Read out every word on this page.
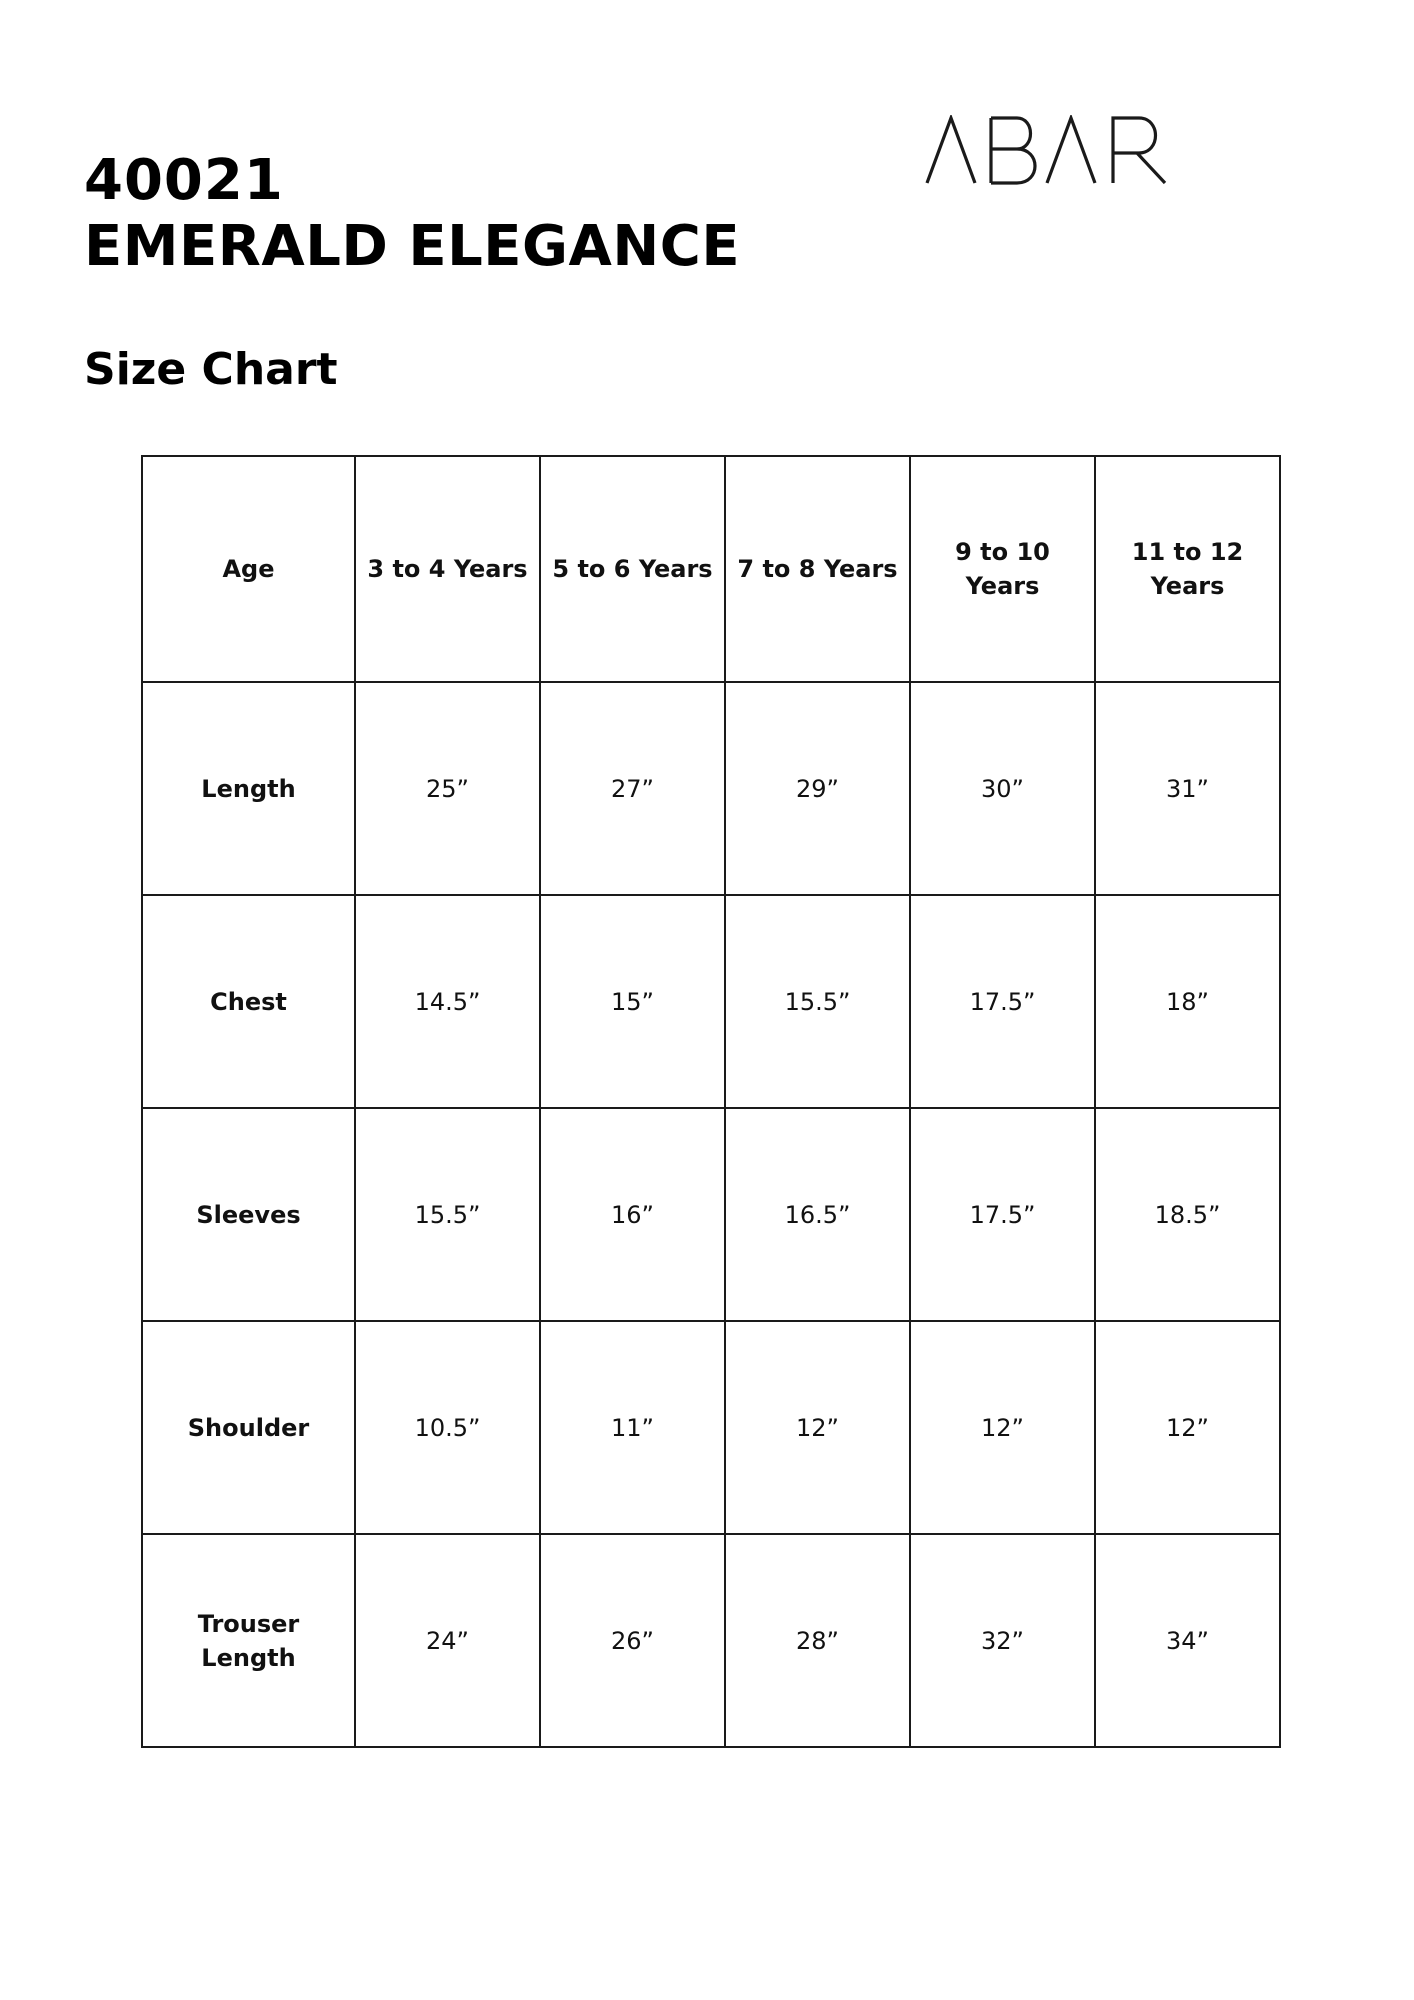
40021
EMERALD ELEGANCE
Size Chart
Age	3 to 4 Years	5 to 6 Years	7 to 8 Years	9 to 10 Years	11 to 12 Years
Length	25”	27”	29”	30”	31”
Chest	14.5”	15”	15.5”	17.5”	18”
Sleeves	15.5”	16”	16.5”	17.5”	18.5”
Shoulder	10.5”	11”	12”	12”	12”
Trouser Length	24”	26”	28”	32”	34”
